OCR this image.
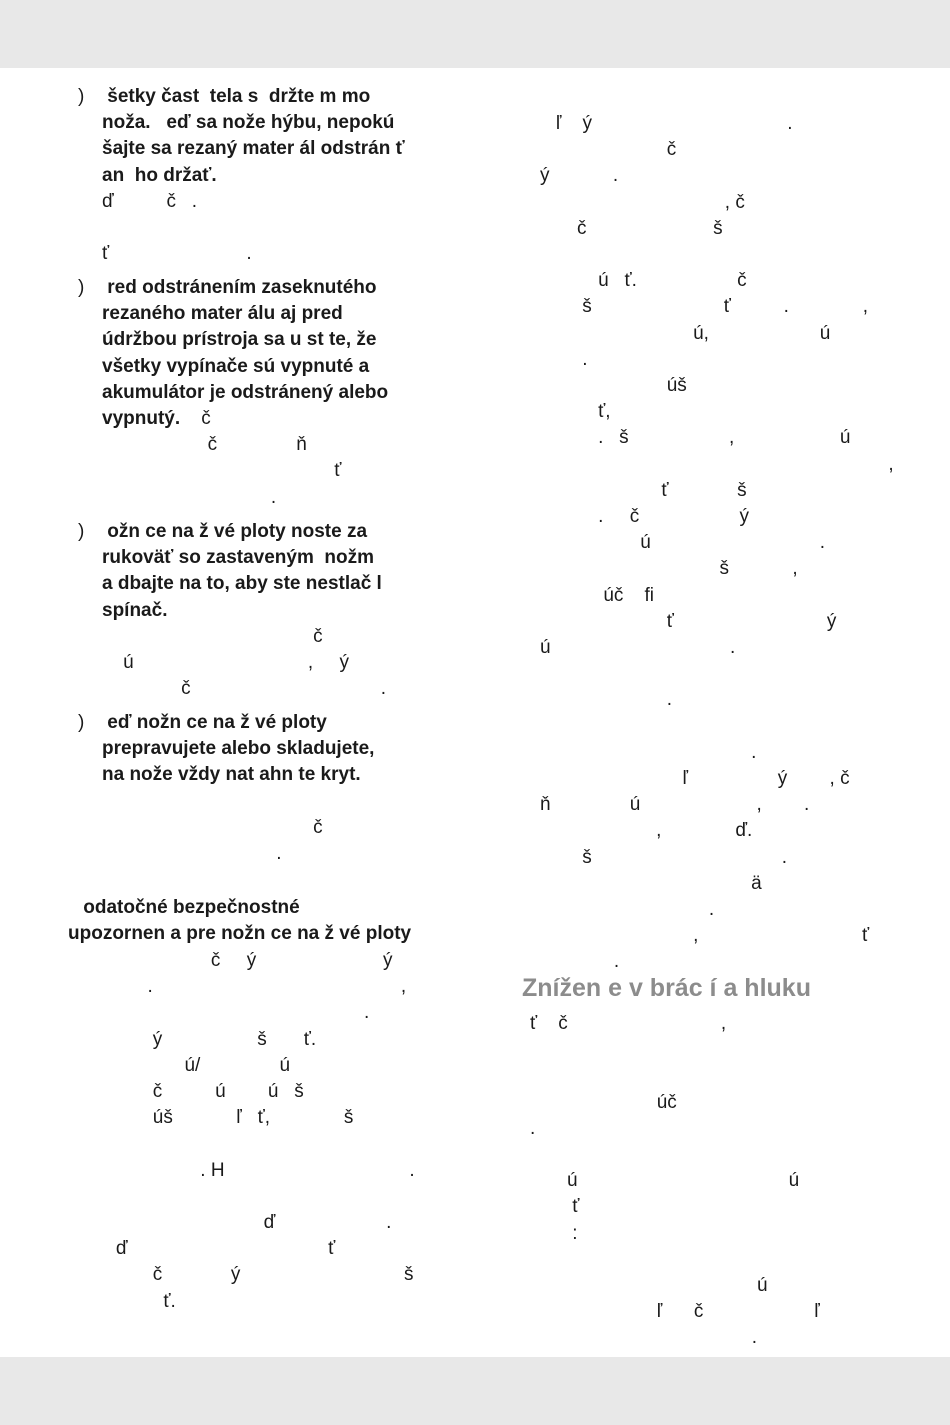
) šetky čast  tela s  držte m mo
noža.   eď sa nože hýbu, nepokú
šajte sa rezaný mater ál odstrán ť
an  ho držať.
ď          č   .
ť                          .
) red odstránením zaseknutého
rezaného mater álu aj pred
údržbou prístroja sa u st te, že
všetky vypínače sú vypnuté a
akumulátor je odstránený alebo
vypnutý.    č
č               ň
ť
.
) ožn ce na ž vé ploty noste za
rukoväť so zastaveným  nožm
a dbajte na to, aby ste nestlač l
spínač.
č
ú                                 ,     ý
č                                    .
) eď nožn ce na ž vé ploty
prepravujete alebo skladujete,
na nože vždy nat ahn te kryt.
č
.
odatočné bezpečnostné
upozornen a pre nožn ce na ž vé ploty
č     ý                        ý
.                                               ,
.
ý                  š       ť.
ú/               ú
č          ú        ú   š
úš            ľ   ť,              š
. H                                   .
ď                     .
ď                                      ť
č             ý                               š
ť.
ľ    ý                                     .
č
ý            .
, č
č                        š
ú   ť.                   č
š                         ť          .              ,
ú,                     ú
.
úš
ť,
.   š                   ,                    ú
,
ť             š
.     č                   ý
ú                                .
š            ,
úč    fi
ť                             ý
ú                                  .
.
.
ľ                 ý        , č
ň               ú                      ,        .
,              ď.
š                                    .
ä
.
,                               ť
.
ť    č                             ,
úč
.
ú                                        ú
ť
:
ú
ľ      č                     ľ
.
Znížen e v brác í a hluku
